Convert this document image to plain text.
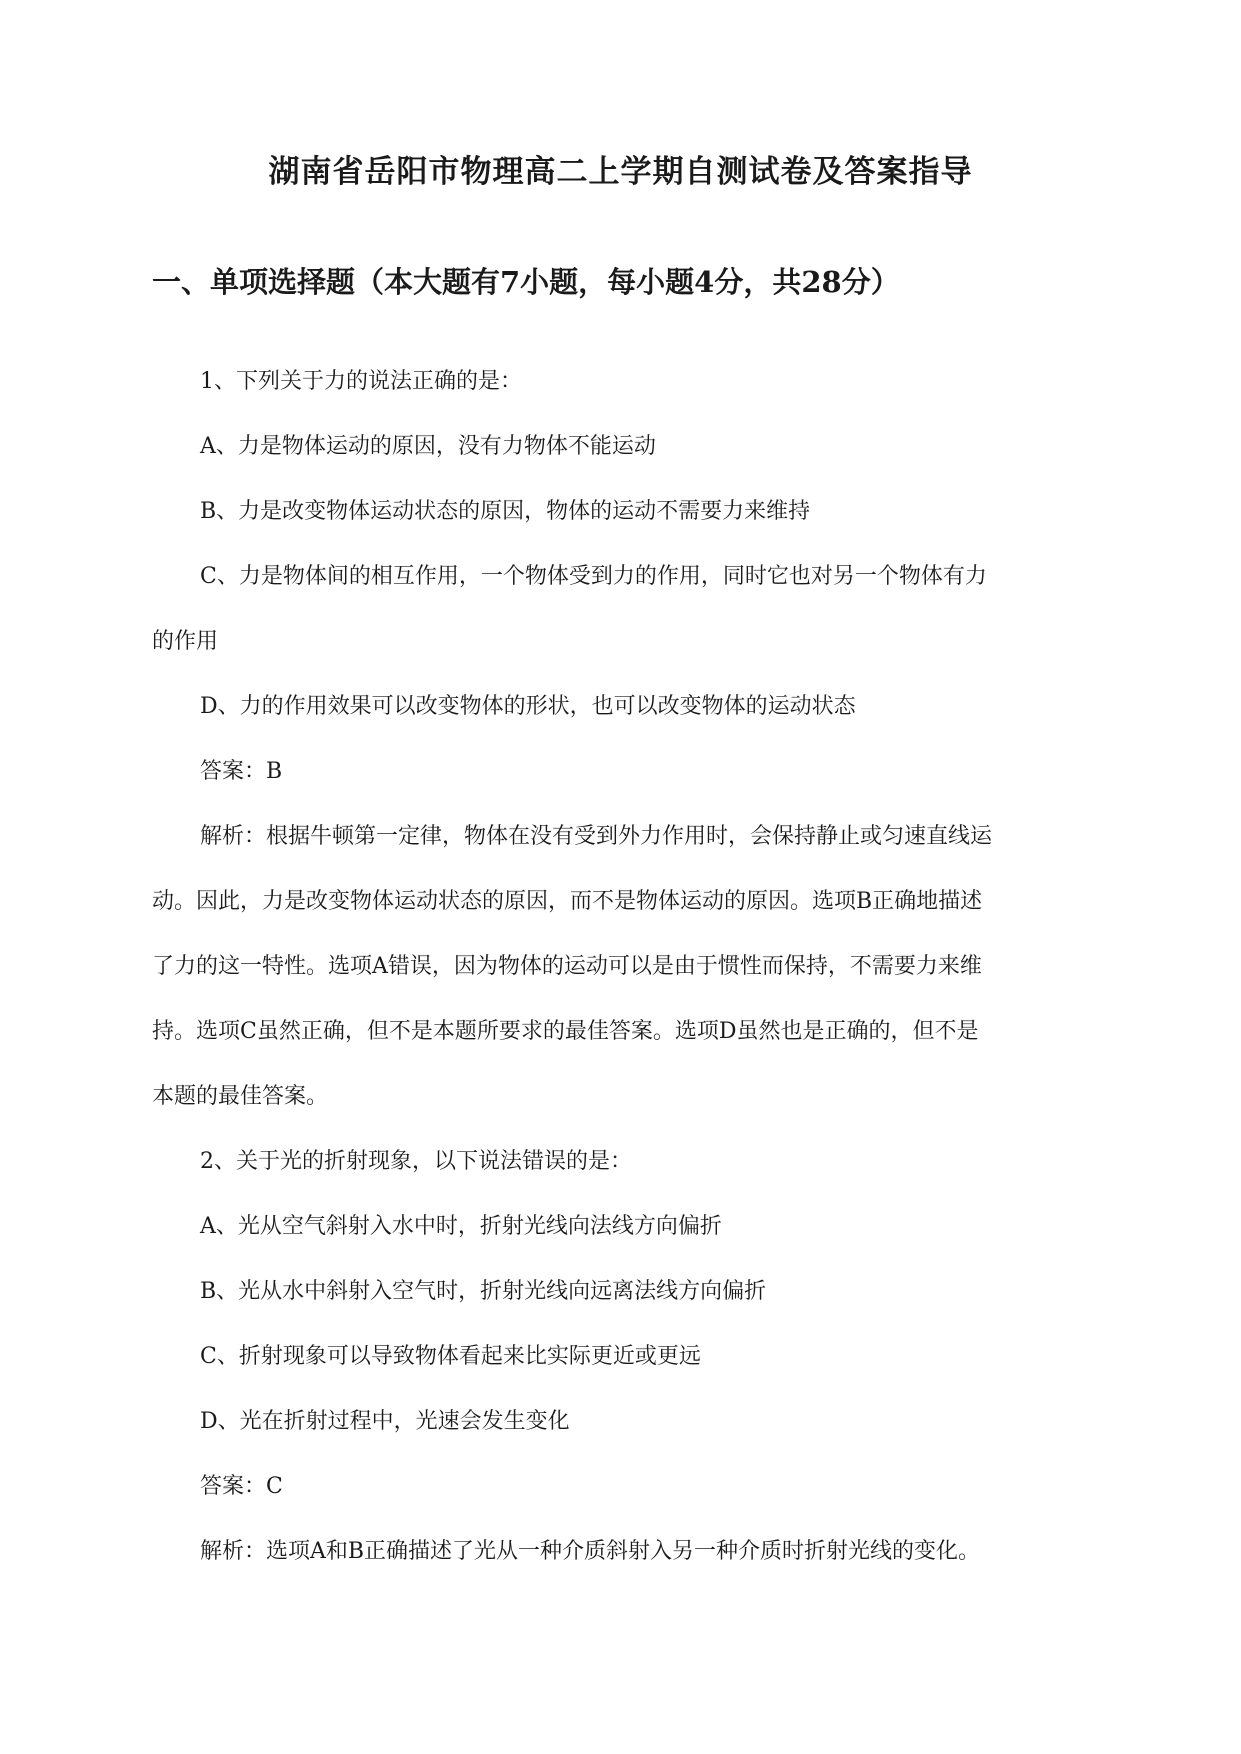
湖南省岳阳市物理高二上学期自测试卷及答案指导
一、单项选择题（本大题有7小题，每小题4分，共28分）
1、下列关于力的说法正确的是：
A、力是物体运动的原因，没有力物体不能运动
B、力是改变物体运动状态的原因，物体的运动不需要力来维持
C、力是物体间的相互作用，一个物体受到力的作用，同时它也对另一个物体有力
的作用
D、力的作用效果可以改变物体的形状，也可以改变物体的运动状态
答案：B
解析：根据牛顿第一定律，物体在没有受到外力作用时，会保持静止或匀速直线运
动。因此，力是改变物体运动状态的原因，而不是物体运动的原因。选项B正确地描述
了力的这一特性。选项A错误，因为物体的运动可以是由于惯性而保持，不需要力来维
持。选项C虽然正确，但不是本题所要求的最佳答案。选项D虽然也是正确的，但不是
本题的最佳答案。
2、关于光的折射现象，以下说法错误的是：
A、光从空气斜射入水中时，折射光线向法线方向偏折
B、光从水中斜射入空气时，折射光线向远离法线方向偏折
C、折射现象可以导致物体看起来比实际更近或更远
D、光在折射过程中，光速会发生变化
答案：C
解析：选项A和B正确描述了光从一种介质斜射入另一种介质时折射光线的变化。
